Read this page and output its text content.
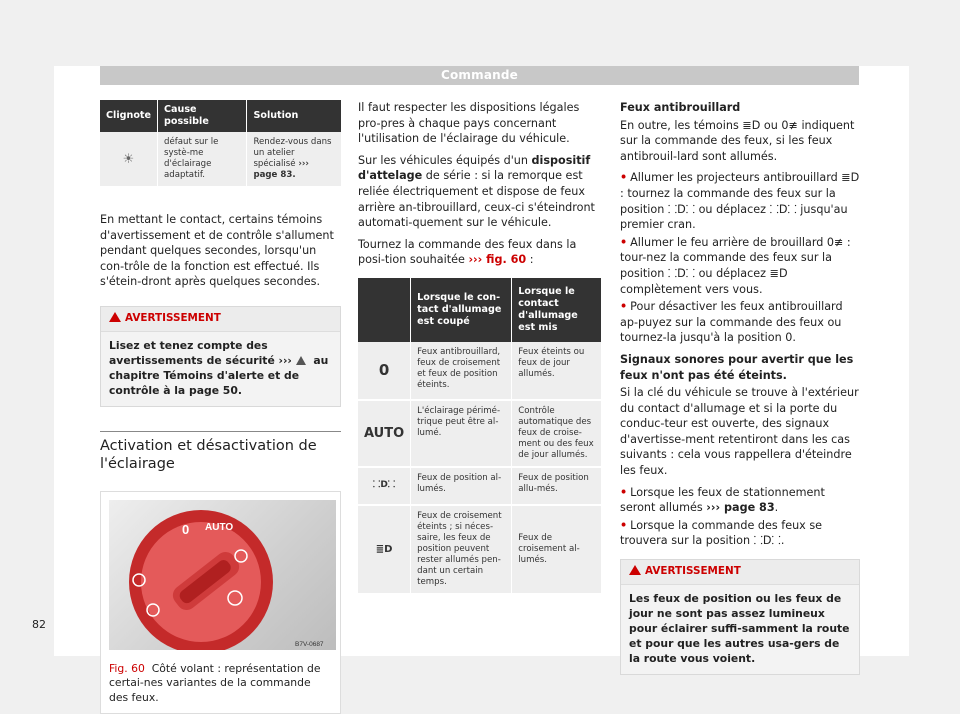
Commande
Clignote	Cause possible	Solution
☀	défaut sur le systè-me d'éclairage adaptatif.	Rendez-vous dans un atelier spécialisé ››› page 83.

En mettant le contact, certains témoins d'avertissement et de contrôle s'allument pendant quelques secondes, lorsqu'un con-trôle de la fonction est effectué. Ils s'étein-dront après quelques secondes.

AVERTISSEMENT
Lisez et tenez compte des avertissements de sécurité ›››  au chapitre Témoins d'alerte et de contrôle à la page 50.
Activation et désactivation de l'éclairage
0 AUTO
B7V-0687
Fig. 60 Côté volant : représentation de certai-nes variantes de la commande des feux.

Il faut respecter les dispositions légales pro-pres à chaque pays concernant l'utilisation de l'éclairage du véhicule.

Sur les véhicules équipés d'un dispositif d'attelage de série : si la remorque est reliée électriquement et dispose de feux arrière an-tibrouillard, ceux-ci s'éteindront automati-quement sur le véhicule.

Tournez la commande des feux dans la posi-tion souhaitée ››› fig. 60 :

	Lorsque le con-tact d'allumage est coupé	Lorsque le contact d'allumage est mis
0	Feux antibrouillard, feux de croisement et feux de position éteints.	Feux éteints ou feux de jour allumés.
AUTO	L'éclairage périmé-trique peut être al-lumé.	Contrôle automatique des feux de croise-ment ou des feux de jour allumés.
⸬D⸬	Feux de position al-lumés.	Feux de position allu-més.
≣D	Feux de croisement éteints ; si néces-saire, les feux de position peuvent rester allumés pen-dant un certain temps.	Feux de croisement al-lumés.

Feux antibrouillard

En outre, les témoins ≣D ou 0≢ indiquent sur la commande des feux, si les feux antibrouil-lard sont allumés.

• Allumer les projecteurs antibrouillard ≣D : tournez la commande des feux sur la position ⸬D⸬ ou déplacez ⸬D⸬ jusqu'au premier cran.

• Allumer le feu arrière de brouillard 0≢ : tour-nez la commande des feux sur la position ⸬D⸬ ou déplacez ≣D complètement vers vous.

• Pour désactiver les feux antibrouillard ap-puyez sur la commande des feux ou tournez-la jusqu'à la position 0.

Signaux sonores pour avertir que les feux n'ont pas été éteints.

Si la clé du véhicule se trouve à l'extérieur du contact d'allumage et si la porte du conduc-teur est ouverte, des signaux d'avertisse-ment retentiront dans les cas suivants : cela vous rappellera d'éteindre les feux.

• Lorsque les feux de stationnement seront allumés ››› page 83.

• Lorsque la commande des feux se trouvera sur la position ⸬D⸬.

AVERTISSEMENT
Les feux de position ou les feux de jour ne sont pas assez lumineux pour éclairer suffi-samment la route et pour que les autres usa-gers de la route vous voient.
82
